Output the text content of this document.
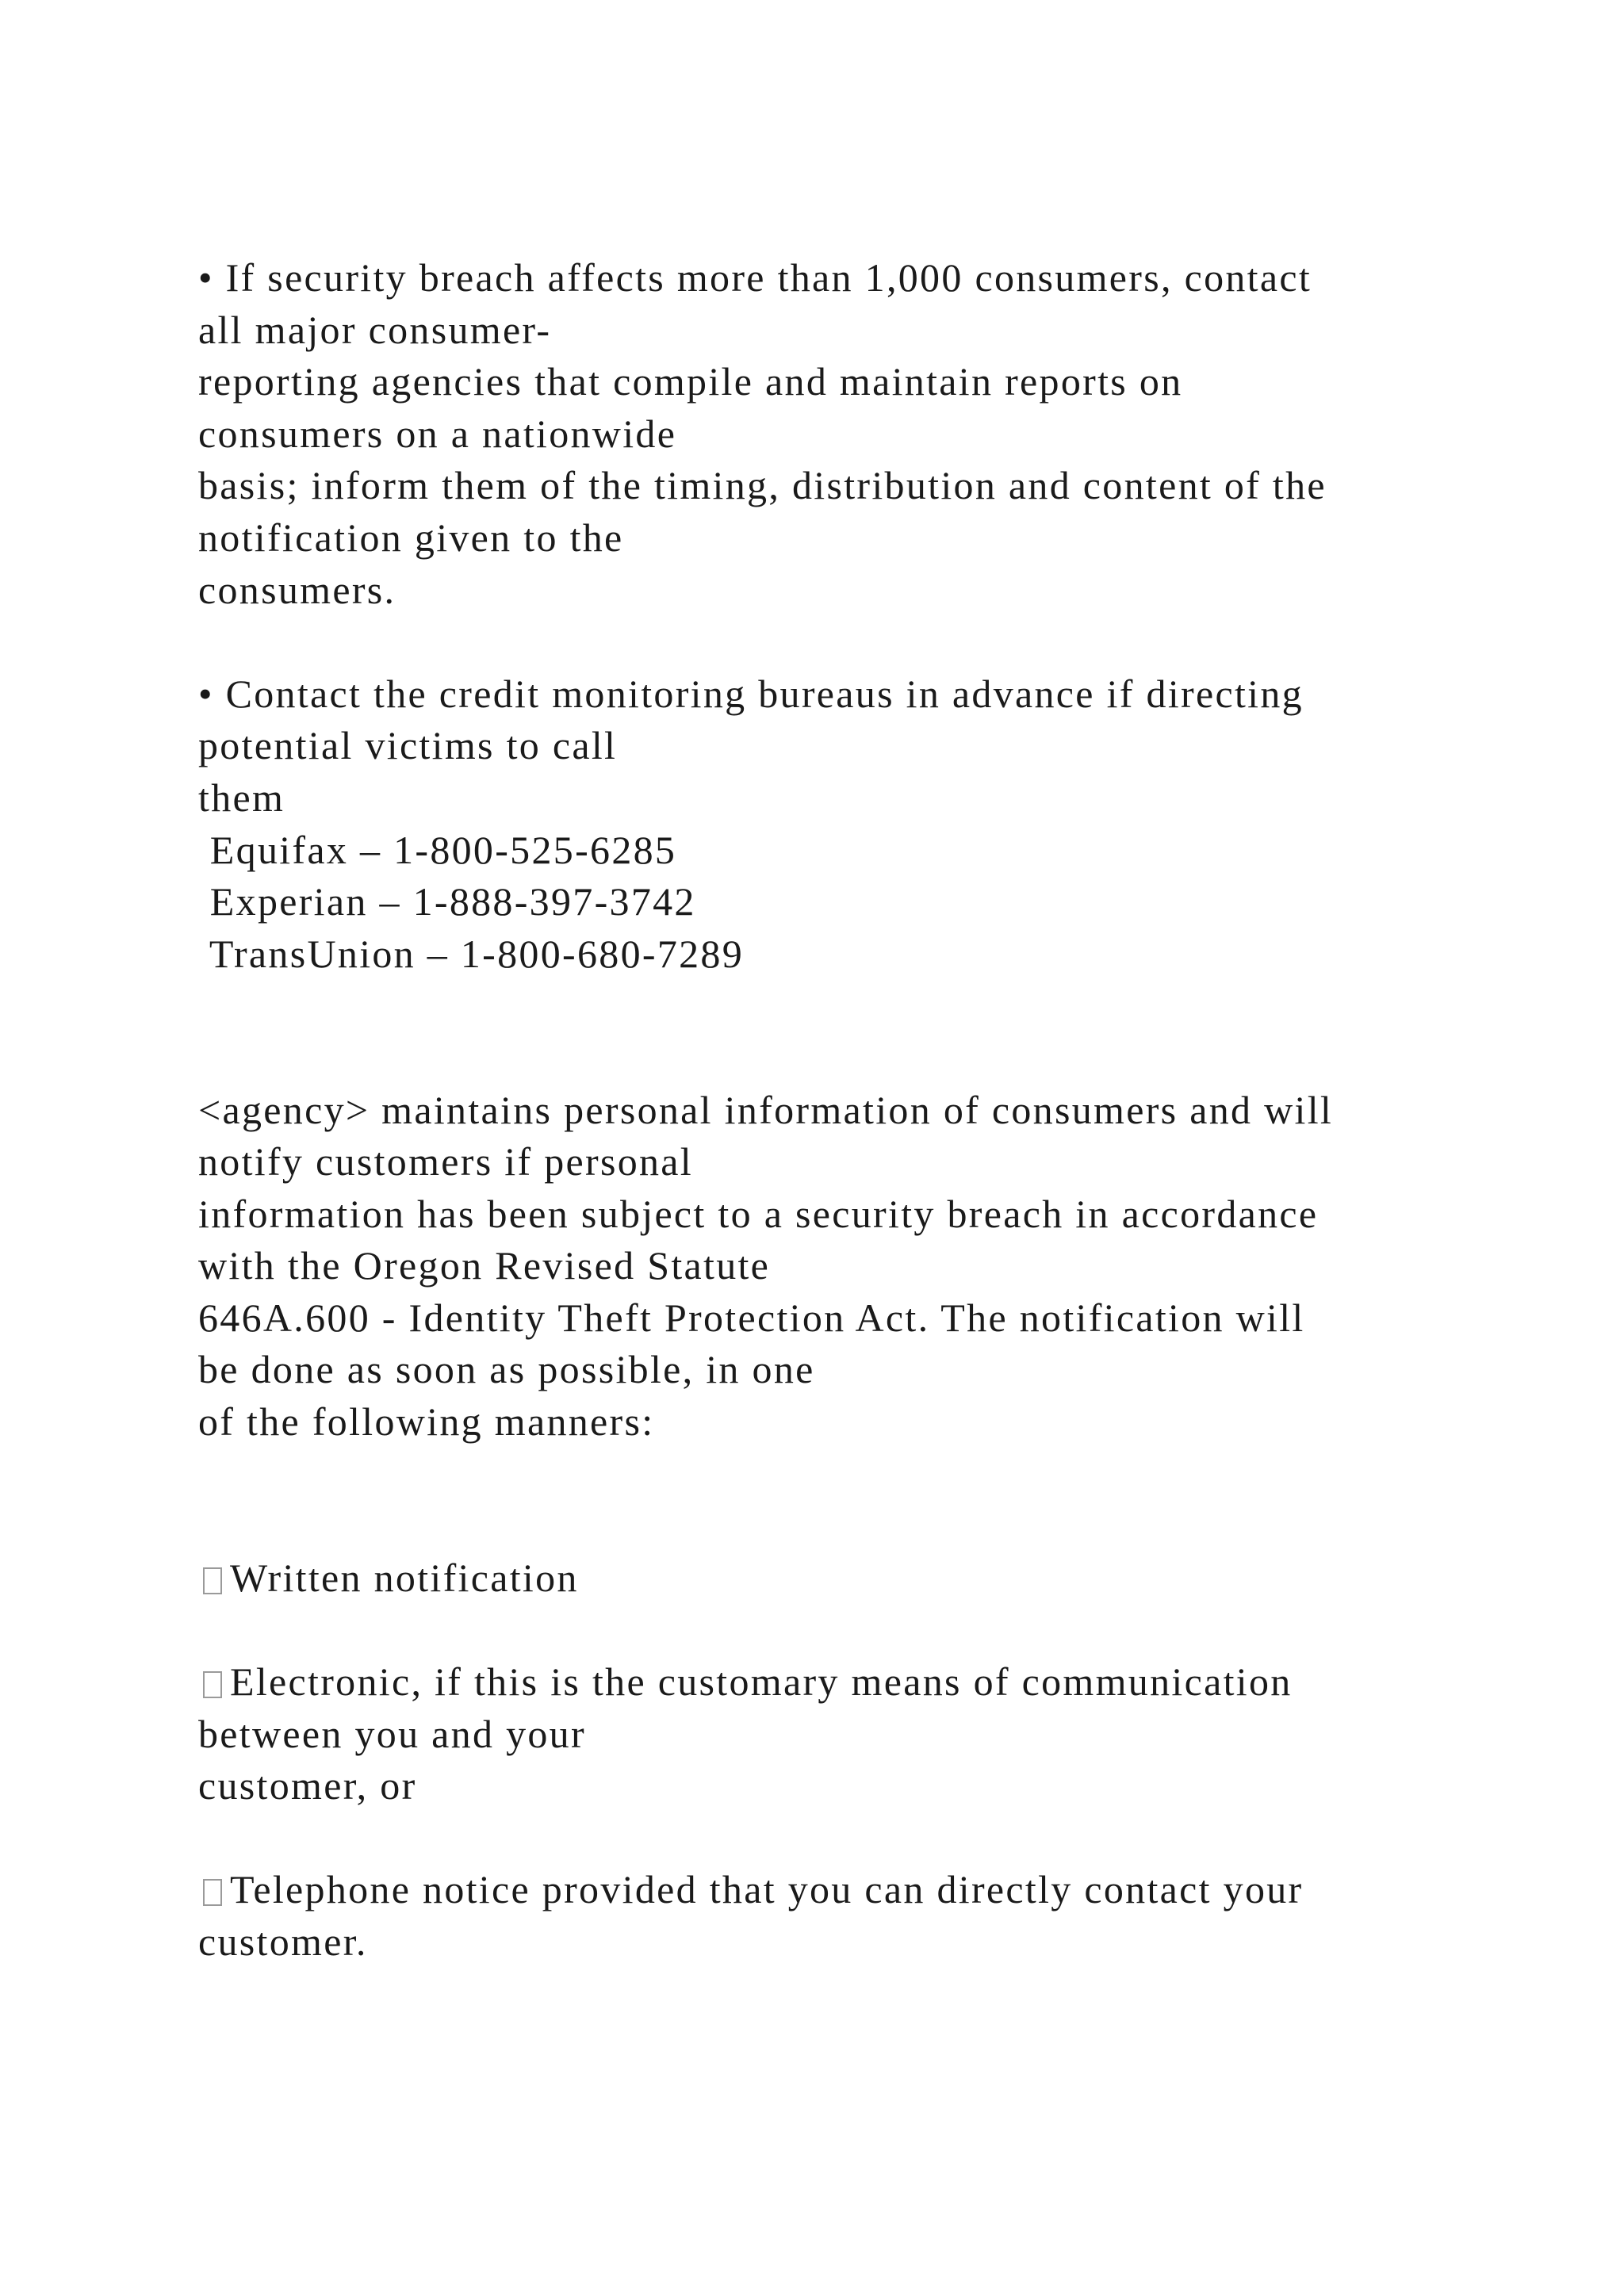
• If security breach affects more than 1,000 consumers, contact
all major consumer-
reporting agencies that compile and maintain reports on
consumers on a nationwide
basis; inform them of the timing, distribution and content of the
notification given to the
consumers.
• Contact the credit monitoring bureaus in advance if directing
potential victims to call
them
Equifax – 1-800-525-6285
Experian – 1-888-397-3742
TransUnion – 1-800-680-7289
<agency> maintains personal information of consumers and will
notify customers if personal
information has been subject to a security breach in accordance
with the Oregon Revised Statute
646A.600 - Identity Theft Protection Act. The notification will
be done as soon as possible, in one
of the following manners:
Written notification
Electronic, if this is the customary means of communication
between you and your
customer, or
Telephone notice provided that you can directly contact your
customer.
